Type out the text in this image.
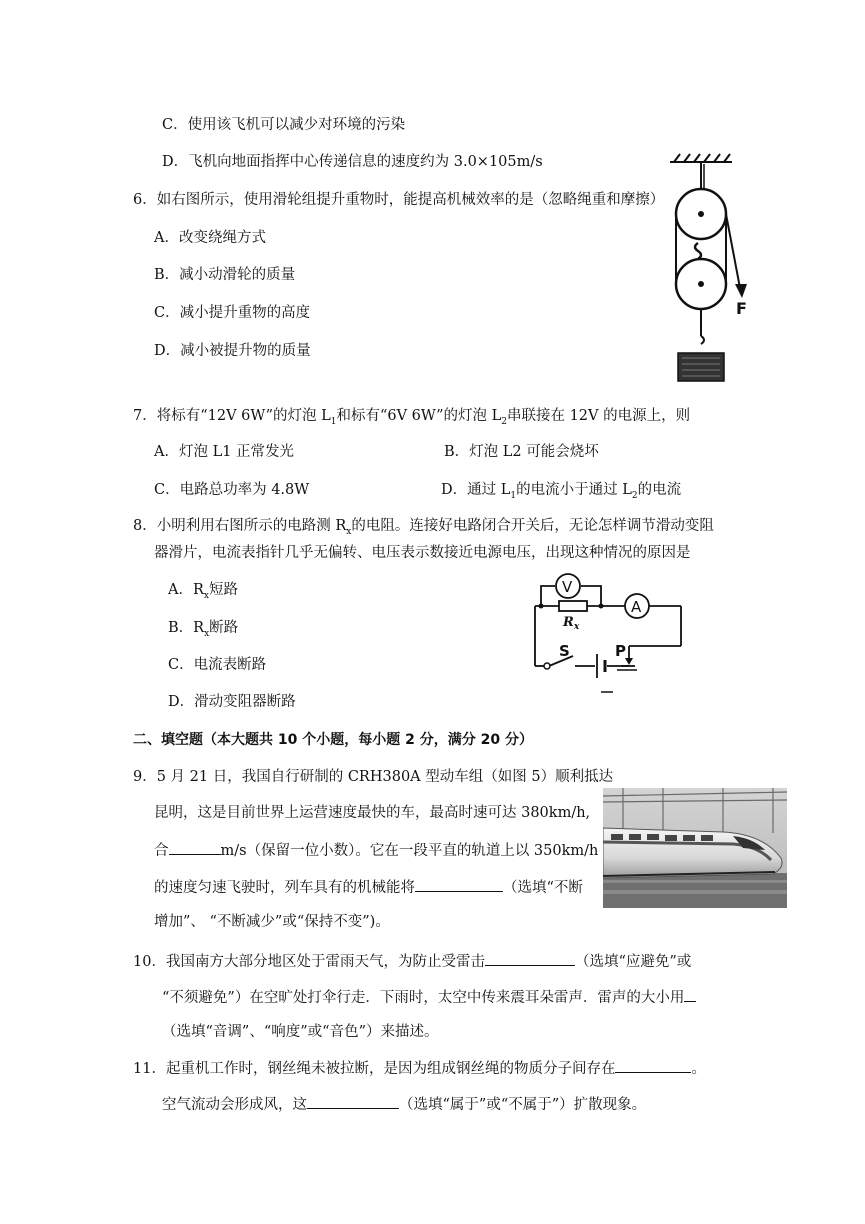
C．使用该飞机可以减少对环境的污染
D．飞机向地面指挥中心传递信息的速度约为 3.0×105m/s
6．如右图所示，使用滑轮组提升重物时，能提高机械效率的是（忽略绳重和摩擦）
A．改变绕绳方式
B．减小动滑轮的质量
C．减小提升重物的高度
D．减小被提升物的质量
F
7．将标有“12V 6W”的灯泡 $L_1$和标有“6V 6W”的灯泡 $L_2$串联接在 12V 的电源上，则
A．灯泡 L1 正常发光	B．灯泡 L2 可能会烧坏
C．电路总功率为 4.8W	D．通过 $L_1$的电流小于通过 $L_2$的电流
8．小明利用右图所示的电路测 $R_x$的电阻。连接好电路闭合开关后，无论怎样调节滑动变阻
器滑片，电流表指针几乎无偏转、电压表示数接近电源电压，出现这种情况的原因是
A．$R_x$短路
B．$R_x$断路
C．电流表断路
D．滑动变阻器断路
V
$R_x$
A
S	P
二、填空题（本大题共 10 个小题，每小题 2 分，满分 20 分）
9．5 月 21 日，我国自行研制的 CRH380A 型动车组（如图 5）顺利抵达
昆明，这是目前世界上运营速度最快的车，最高时速可达 380km/h,
合	m/s（保留一位小数）。它在一段平直的轨道上以 350km/h
的速度匀速飞驶时，列车具有的机械能将	（选填“不断
增加”、 “不断减少”或“保持不变”)。
10．我国南方大部分地区处于雷雨天气，为防止受雷击	（选填“应避免”或
“不须避免”）在空旷处打伞行走．下雨时，太空中传来震耳朵雷声．雷声的大小用
（选填“音调”、“响度”或“音色”）来描述。
11．起重机工作时，钢丝绳未被拉断，是因为组成钢丝绳的物质分子间存在	。
空气流动会形成风，这	（选填“属于”或“不属于”）扩散现象。
